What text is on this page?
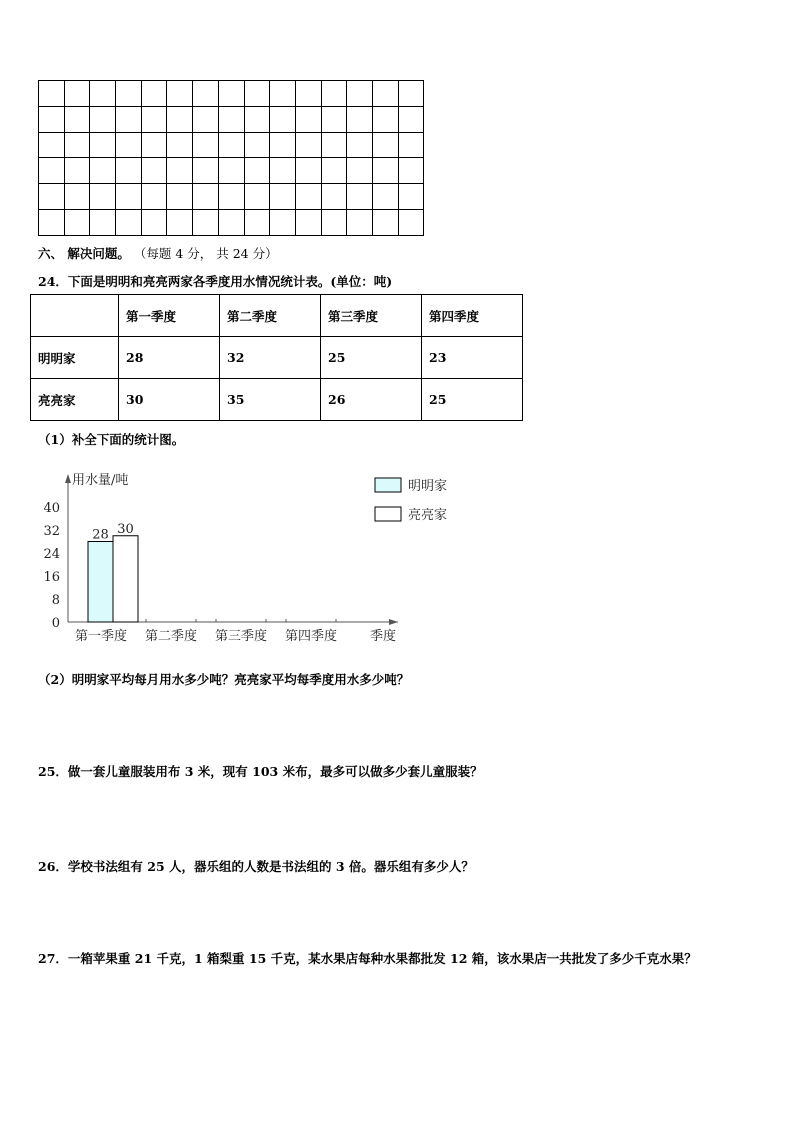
六、 解决问题。 （每题 4 分， 共 24 分）
24．下面是明明和亮亮两家各季度用水情况统计表。(单位：吨)
	第一季度	第二季度	第三季度	第四季度
明明家	28	32	25	23
亮亮家	30	35	26	25
（1）补全下面的统计图。
用水量/吨
0
8
16
24
32
40
第一季度 第二季度 第三季度 第四季度	季度
28 30
明明家
亮亮家
（2）明明家平均每月用水多少吨？亮亮家平均每季度用水多少吨？
25．做一套儿童服装用布 3 米，现有 103 米布，最多可以做多少套儿童服装？
26．学校书法组有 25 人，器乐组的人数是书法组的 3 倍。器乐组有多少人？
27．一箱苹果重 21 千克，1 箱梨重 15 千克，某水果店每种水果都批发 12 箱，该水果店一共批发了多少千克水果？
